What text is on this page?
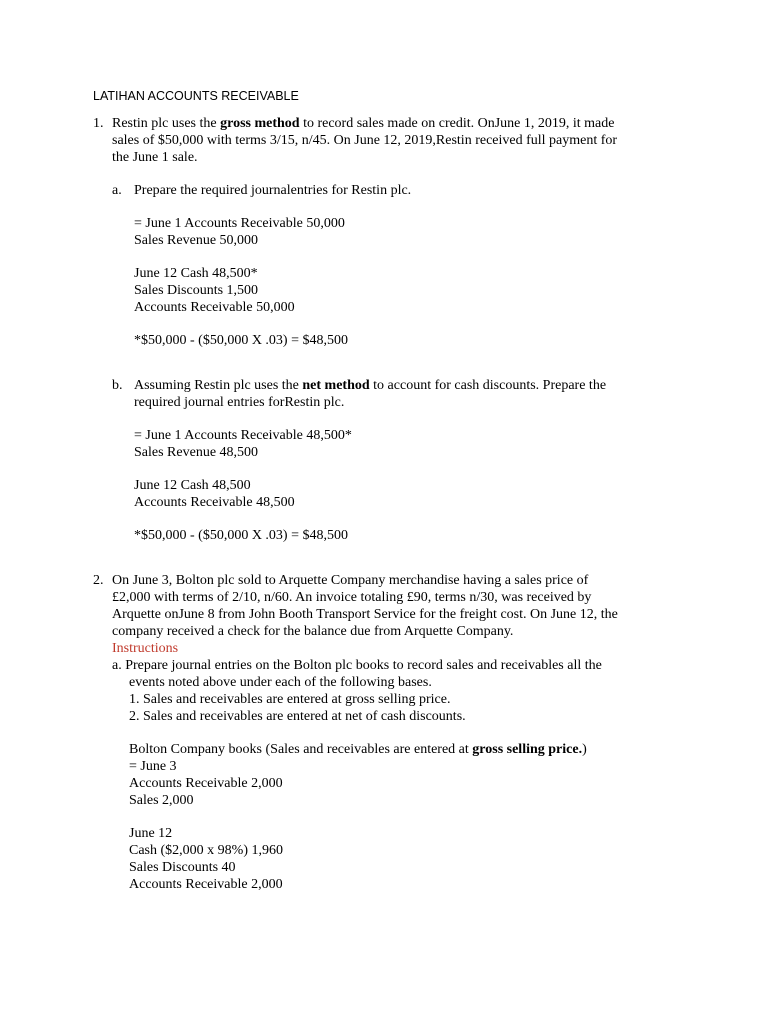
LATIHAN ACCOUNTS RECEIVABLE
1. Restin plc uses the gross method to record sales made on credit. OnJune 1, 2019, it made
sales of $50,000 with terms 3/15, n/45. On June 12, 2019,Restin received full payment for
the June 1 sale.
a. Prepare the required journalentries for Restin plc.
= June 1 Accounts Receivable 50,000
Sales Revenue 50,000
June 12 Cash 48,500*
Sales Discounts 1,500
Accounts Receivable 50,000
*$50,000 - ($50,000 X .03) = $48,500
b. Assuming Restin plc uses the net method to account for cash discounts. Prepare the
required journal entries forRestin plc.
= June 1 Accounts Receivable 48,500*
Sales Revenue 48,500
June 12 Cash 48,500
Accounts Receivable 48,500
*$50,000 - ($50,000 X .03) = $48,500
2. On June 3, Bolton plc sold to Arquette Company merchandise having a sales price of
£2,000 with terms of 2/10, n/60. An invoice totaling £90, terms n/30, was received by
Arquette onJune 8 from John Booth Transport Service for the freight cost. On June 12, the
company received a check for the balance due from Arquette Company.
Instructions
a. Prepare journal entries on the Bolton plc books to record sales and receivables all the
events noted above under each of the following bases.
1. Sales and receivables are entered at gross selling price.
2. Sales and receivables are entered at net of cash discounts.
Bolton Company books (Sales and receivables are entered at gross selling price.)
= June 3
Accounts Receivable 2,000
Sales 2,000
June 12
Cash ($2,000 x 98%) 1,960
Sales Discounts 40
Accounts Receivable 2,000
